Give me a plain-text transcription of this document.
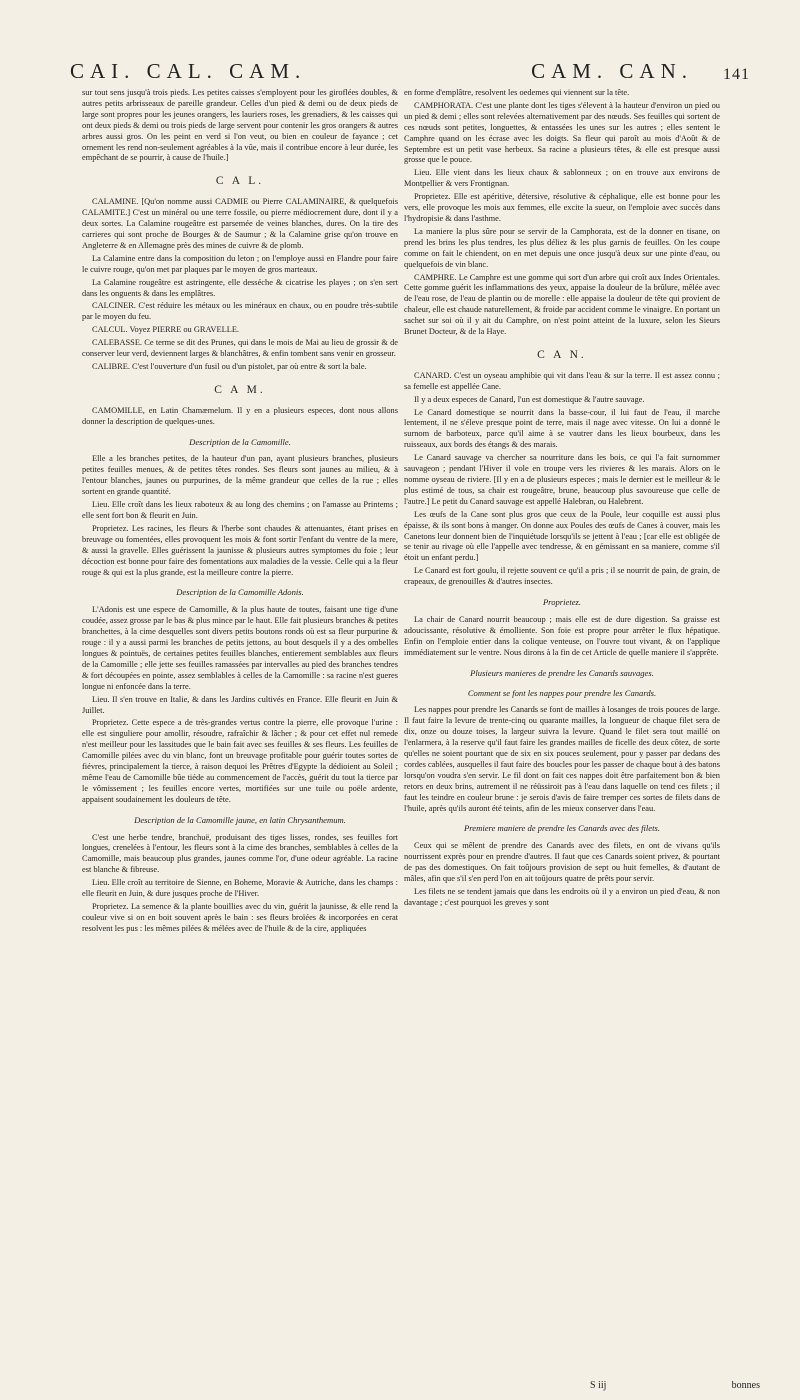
CAI. CAL. CAM.	CAM. CAN. 141

sur tout sens jusqu'à trois pieds. Les petites caisses s'employent pour les giroflées doubles, & autres petits arbrisseaux de pareille grandeur. Celles d'un pied & demi ou de deux pieds de large sont propres pour les jeunes orangers, les lauriers roses, les grenadiers, & les caisses qui ont deux pieds & demi ou trois pieds de large servent pour contenir les gros orangers & autres arbres aussi gros. On les peint en verd si l'on veut, ou bien en couleur de fayance ; cet ornement les rend non-seulement agréables à la vûe, mais il contribue encore à leur durée, les empêchant de se pourrir, à cause de l'huile.]

C A L.

CALAMINE. [Qu'on nomme aussi CADMIE ou Pierre CALAMINAIRE, & quelquefois CALAMITE.] C'est un minéral ou une terre fossile, ou pierre médiocrement dure, dont il y a deux sortes. La Calamine rougeâtre est parsemée de veines blanches, dures. On la tire des carrieres qui sont proche de Bourges & de Saumur ; & la Calamine grise qu'on trouve en Angleterre & en Allemagne près des mines de cuivre & de plomb.

La Calamine entre dans la composition du leton ; on l'employe aussi en Flandre pour faire le cuivre rouge, qu'on met par plaques par le moyen de gros marteaux.

La Calamine rougeâtre est astringente, elle desséche & cicatrise les playes ; on s'en sert dans les onguents & dans les emplâtres.

CALCINER. C'est réduire les métaux ou les minéraux en chaux, ou en poudre très-subtile par le moyen du feu.

CALCUL. Voyez PIERRE ou GRAVELLE.

CALEBASSE. Ce terme se dit des Prunes, qui dans le mois de Mai au lieu de grossir & de conserver leur verd, deviennent larges & blanchâtres, & enfin tombent sans venir en grosseur.

CALIBRE. C'est l'ouverture d'un fusil ou d'un pistolet, par où entre & sort la bale.

C A M.

CAMOMILLE, en Latin Chamæmelum. Il y en a plusieurs especes, dont nous allons donner la description de quelques-unes.

Description de la Camomille.

Elle a les branches petites, de la hauteur d'un pan, ayant plusieurs branches, plusieurs petites feuilles menues, & de petites têtes rondes. Ses fleurs sont jaunes au milieu, & à l'entour blanches, jaunes ou purpurines, de la même grandeur que celles de la rue ; elles sortent en grande quantité.

Lieu. Elle croît dans les lieux raboteux & au long des chemins ; on l'amasse au Printems ; elle sent fort bon & fleurit en Juin.

Proprietez. Les racines, les fleurs & l'herbe sont chaudes & attenuantes, étant prises en breuvage ou fomentées, elles provoquent les mois & font sortir l'enfant du ventre de la mere, & aussi la gravelle. Elles guérissent la jaunisse & plusieurs autres symptomes du foie ; leur décoction est bonne pour faire des fomentations aux maladies de la vessie. Celle qui a la fleur rouge & qui est la plus grande, est la meilleure contre la pierre.

Description de la Camomille Adonis.

L'Adonis est une espece de Camomille, & la plus haute de toutes, faisant une tige d'une coudée, assez grosse par le bas & plus mince par le haut. Elle fait plusieurs branches & petites branchettes, à la cime desquelles sont divers petits boutons ronds où est sa fleur purpurine & rouge : il y a aussi parmi les branches de petits jettons, au bout desquels il y a des ombelles longues & pointuës, de certaines petites feuilles blanches, entierement semblables aux fleurs de la Camomille ; elle jette ses feuilles ramassées par intervalles au pied des branches tendres & fort découpées en pointe, assez semblables à celles de la Camomille : sa racine n'est gueres longue ni enfoncée dans la terre.

Lieu. Il s'en trouve en Italie, & dans les Jardins cultivés en France. Elle fleurit en Juin & Juillet.

Proprietez. Cette espece a de très-grandes vertus contre la pierre, elle provoque l'urine : elle est singuliere pour amollir, résoudre, rafraîchir & lâcher ; & pour cet effet nul remede n'est meilleur pour les lassitudes que le bain fait avec ses feuilles & ses fleurs. Les feuilles de Camomille pilées avec du vin blanc, font un breuvage profitable pour guérir toutes sortes de fiévres, principalement la tierce, à raison dequoi les Prêtres d'Egypte la dédioient au Soleil ; même l'eau de Camomille bûe tiéde au commencement de l'accès, guérit du tout la tierce par le vômissement ; les feuilles encore vertes, mortifiées sur une tuile ou poële ardente, appaisent soudainement les douleurs de tête.

Description de la Camomille jaune, en latin Chrysanthemum.

C'est une herbe tendre, branchuë, produisant des tiges lisses, rondes, ses feuilles fort longues, crenelées à l'entour, les fleurs sont à la cime des branches, semblables à celles de la Camomille, mais beaucoup plus grandes, jaunes comme l'or, d'une odeur agréable. La racine est blanche & fibreuse.

Lieu. Elle croît au territoire de Sienne, en Boheme, Moravie & Autriche, dans les champs : elle fleurit en Juin, & dure jusques proche de l'Hiver.

Proprietez. La semence & la plante bouillies avec du vin, guérit la jaunisse, & elle rend la couleur vive si on en boit souvent après le bain : ses fleurs broïées & incorporées en cerat resolvent les pus : les mêmes pilées & mélées avec de l'huile & de la cire, appliquées

en forme d'emplâtre, resolvent les oedemes qui viennent sur la tête.

CAMPHORATA. C'est une plante dont les tiges s'élevent à la hauteur d'environ un pied ou un pied & demi ; elles sont relevées alternativement par des nœuds. Ses feuilles qui sortent de ces nœuds sont petites, longuettes, & entassées les unes sur les autres ; elles sentent le Camphre quand on les écrase avec les doigts. Sa fleur qui paroît au mois d'Août & de Septembre est un petit vase herbeux. Sa racine a plusieurs têtes, & elle est presque aussi grosse que le pouce.

Lieu. Elle vient dans les lieux chaux & sablonneux ; on en trouve aux environs de Montpellier & vers Frontignan.

Proprietez. Elle est apéritive, détersive, résolutive & céphalique, elle est bonne pour les vers, elle provoque les mois aux femmes, elle excite la sueur, on l'emploie avec succès dans l'hydropisie & dans l'asthme.

La maniere la plus sûre pour se servir de la Camphorata, est de la donner en tisane, on prend les brins les plus tendres, les plus déliez & les plus garnis de feuilles. On les coupe comme on fait le chiendent, on en met depuis une once jusqu'à deux sur une pinte d'eau, ou quelquefois de vin blanc.

CAMPHRE. Le Camphre est une gomme qui sort d'un arbre qui croît aux Indes Orientales. Cette gomme guérit les inflammations des yeux, appaise la douleur de la brûlure, mêlée avec de l'eau rose, de l'eau de plantin ou de morelle : elle appaise la douleur de tête qui provient de chaleur, elle est chaude naturellement, & froide par accident comme le vinaigre. En portant un sachet sur soi où il y ait du Camphre, on n'est point atteint de la luxure, selon les Sieurs Brunet Docteur, & de la Haye.

C A N.

CANARD. C'est un oyseau amphibie qui vit dans l'eau & sur la terre. Il est assez connu ; sa femelle est appellée Cane.

Il y a deux especes de Canard, l'un est domestique & l'autre sauvage.

Le Canard domestique se nourrit dans la basse-cour, il lui faut de l'eau, il marche lentement, il ne s'éleve presque point de terre, mais il nage avec vitesse. On lui a donné le surnom de barboteux, parce qu'il aime à se vautrer dans les lieux bourbeux, dans les ruisseaux, aux bords des étangs & des marais.

Le Canard sauvage va chercher sa nourriture dans les bois, ce qui l'a fait surnommer sauvageon ; pendant l'Hiver il vole en troupe vers les rivieres & les marais. Alors on le nomme oyseau de riviere. [Il y en a de plusieurs especes ; mais le dernier est le meilleur & le plus estimé de tous, sa chair est rougeâtre, brune, beaucoup plus savoureuse que celle de l'autre.] Le petit du Canard sauvage est appellé Halebran, ou Halebrent.

Les œufs de la Cane sont plus gros que ceux de la Poule, leur coquille est aussi plus épaisse, & ils sont bons à manger. On donne aux Poules des œufs de Canes à couver, mais les Canetons leur donnent bien de l'inquiétude lorsqu'ils se jettent à l'eau ; [car elle est obligée de se tenir au rivage où elle l'appelle avec tendresse, & en gémissant en sa maniere, comme s'il étoit un enfant perdu.]

Le Canard est fort goulu, il rejette souvent ce qu'il a pris ; il se nourrit de pain, de grain, de crapeaux, de grenouilles & d'autres insectes.

Proprietez.

La chair de Canard nourrit beaucoup ; mais elle est de dure digestion. Sa graisse est adoucissante, résolutive & émolliente. Son foie est propre pour arrêter le flux hépatique. Enfin on l'emploie entier dans la colique venteuse, on l'ouvre tout vivant, & on l'applique immédiatement sur le ventre. Nous dirons à la fin de cet Article de quelle maniere il s'apprête.

Plusieurs manieres de prendre les Canards sauvages.
Comment se font les nappes pour prendre les Canards.

Les nappes pour prendre les Canards se font de mailles à losanges de trois pouces de large. Il faut faire la levure de trente-cinq ou quarante mailles, la longueur de chaque filet sera de dix, onze ou douze toises, la largeur suivra la levure. Quand le filet sera tout maillé on l'enlarmera, à la reserve qu'il faut faire les grandes mailles de ficelle des deux côtez, de sorte qu'elles ne soient pourtant que de six en six pouces seulement, pour y passer par dedans des cordes cablées, ausquelles il faut faire des boucles pour les passer de chaque bout à des batons lorsqu'on voudra s'en servir. Le fil dont on fait ces nappes doit être parfaitement bon & bien retors en deux brins, autrement il ne réüssiroit pas à l'eau dans laquelle on tend ces filets ; il faut les teindre en couleur brune : je serois d'avis de faire tremper ces sortes de filets dans de l'huile, après qu'ils auront été teints, afin de les mieux conserver dans l'eau.

Premiere maniere de prendre les Canards avec des filets.

Ceux qui se mêlent de prendre des Canards avec des filets, en ont de vivans qu'ils nourrissent exprès pour en prendre d'autres. Il faut que ces Canards soient privez, & pourtant de pas des domestiques. On fait toûjours provision de sept ou huit femelles, & d'autant de mâles, afin que s'il s'en perd l'on en ait toûjours quatre de prêts pour servir.

Les filets ne se tendent jamais que dans les endroits où il y a environ un pied d'eau, & non davantage ; c'est pourquoi les greves y sont

S iij	bonnes
